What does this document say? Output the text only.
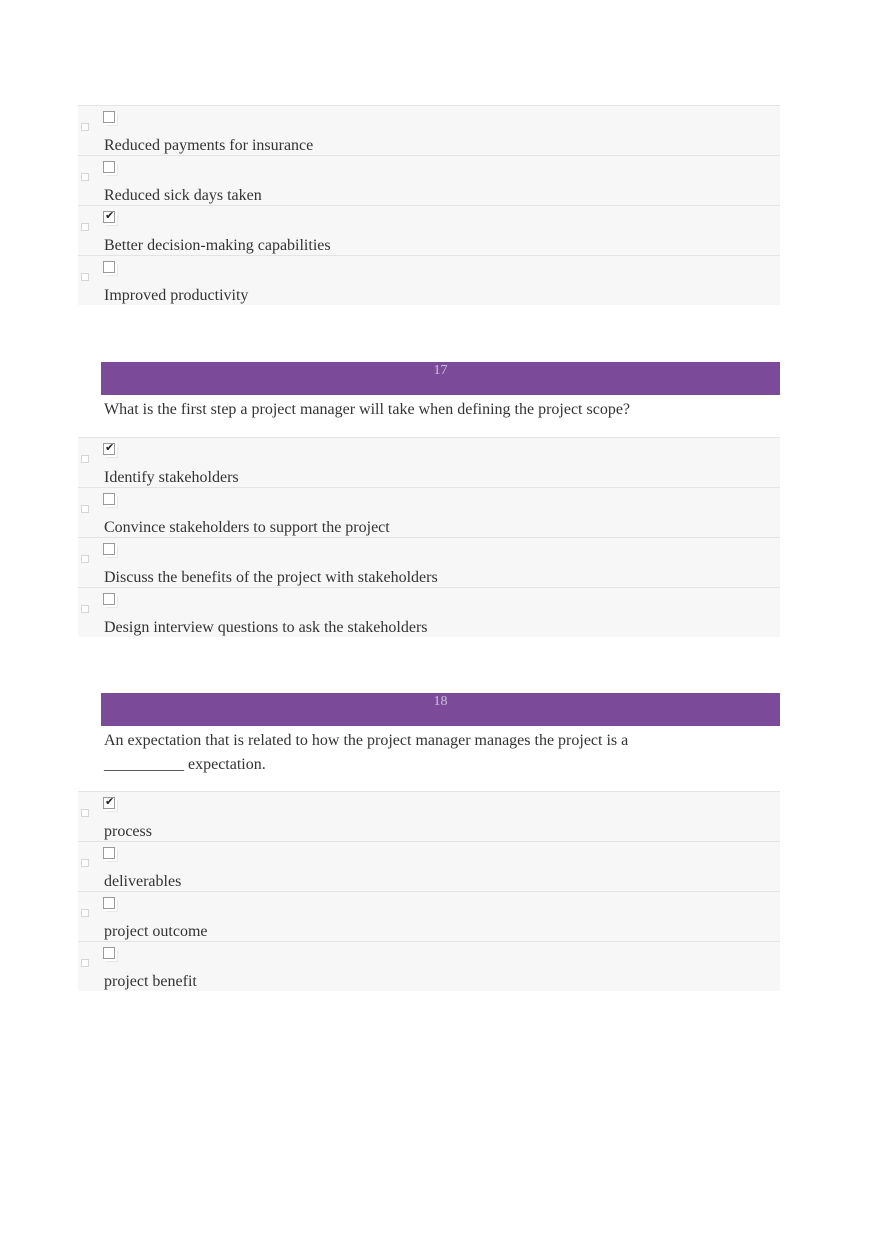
Reduced payments for insurance
Reduced sick days taken
✔
Better decision-making capabilities
Improved productivity
17
What is the first step a project manager will take when defining the project scope?
✔
Identify stakeholders
Convince stakeholders to support the project
Discuss the benefits of the project with stakeholders
Design interview questions to ask the stakeholders
18
An expectation that is related to how the project manager manages the project is a
__________ expectation.
✔
process
deliverables
project outcome
project benefit
